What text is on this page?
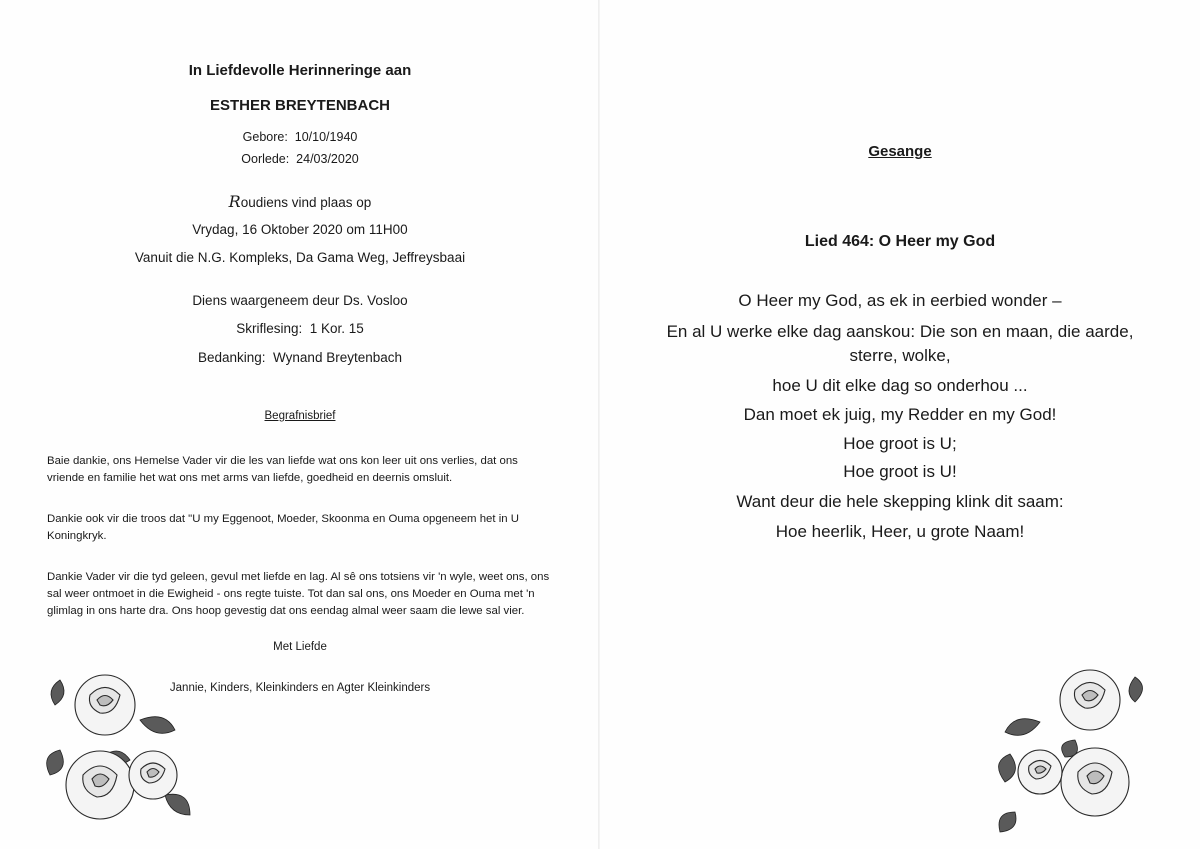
In Liefdevolle Herinneringe aan
ESTHER BREYTENBACH
Gebore: 10/10/1940
Oorlede: 24/03/2020
Roudiens vind plaas op
Vrydag, 16 Oktober 2020 om 11H00
Vanuit die N.G. Kompleks, Da Gama Weg, Jeffreysbaai
Diens waargeneem deur Ds. Vosloo
Skriflesing: 1 Kor. 15
Bedanking: Wynand Breytenbach
Begrafnisbrief
Baie dankie, ons Hemelse Vader vir die les van liefde wat ons kon leer uit ons verlies, dat ons vriende en familie het wat ons met arms van liefde, goedheid en deernis omsluit.
Dankie ook vir die troos dat "U my Eggenoot, Moeder, Skoonma en Ouma opgeneem het in U Koningkryk.
Dankie Vader vir die tyd geleen, gevul met liefde en lag. Al sê ons totsiens vir 'n wyle, weet ons, ons sal weer ontmoet in die Ewigheid - ons regte tuiste. Tot dan sal ons, ons Moeder en Ouma met 'n glimlag in ons harte dra. Ons hoop gevestig dat ons eendag almal weer saam die lewe sal vier.
Met Liefde
Jannie, Kinders, Kleinkinders en Agter Kleinkinders
Gesange
Lied 464: O Heer my God
O Heer my God, as ek in eerbied wonder –
En al U werke elke dag aanskou: Die son en maan, die aarde,
sterre, wolke,
hoe U dit elke dag so onderhou ...
Dan moet ek juig, my Redder en my God!
Hoe groot is U;
Hoe groot is U!
Want deur die hele skepping klink dit saam:
Hoe heerlik, Heer, u grote Naam!
